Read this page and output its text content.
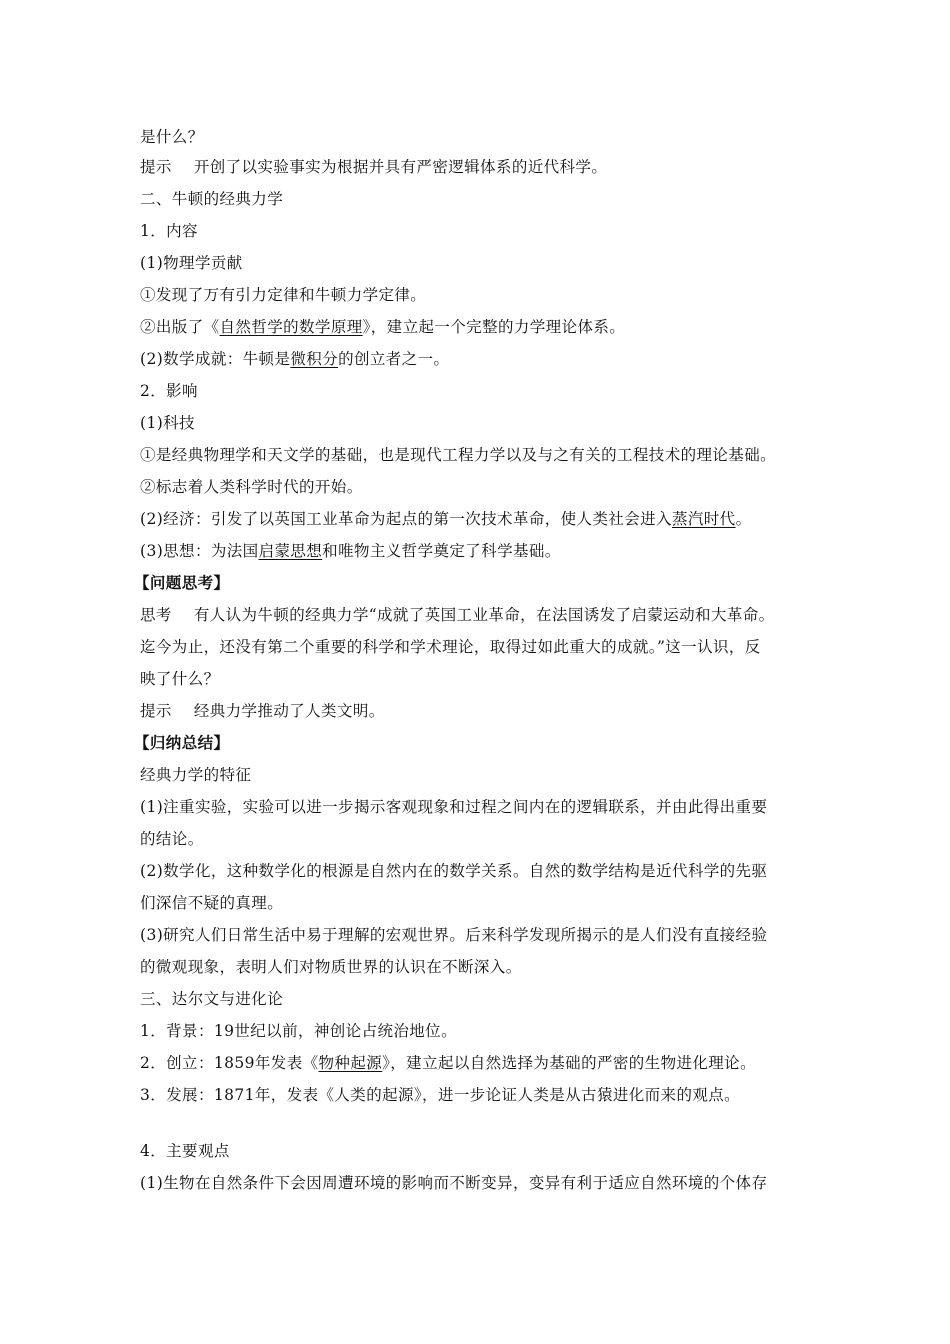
是什么？
提示 开创了以实验事实为根据并具有严密逻辑体系的近代科学。
二、牛顿的经典力学
1．内容
(1)物理学贡献
①发现了万有引力定律和牛顿力学定律。
②出版了《自然哲学的数学原理》，建立起一个完整的力学理论体系。
(2)数学成就：牛顿是微积分的创立者之一。
2．影响
(1)科技
①是经典物理学和天文学的基础，也是现代工程力学以及与之有关的工程技术的理论基础。
②标志着人类科学时代的开始。
(2)经济：引发了以英国工业革命为起点的第一次技术革命，使人类社会进入蒸汽时代。
(3)思想：为法国启蒙思想和唯物主义哲学奠定了科学基础。
【问题思考】
思考 有人认为牛顿的经典力学“成就了英国工业革命，在法国诱发了启蒙运动和大革命。
迄今为止，还没有第二个重要的科学和学术理论，取得过如此重大的成就。”这一认识，反
映了什么？
提示 经典力学推动了人类文明。
【归纳总结】
经典力学的特征
(1)注重实验，实验可以进一步揭示客观现象和过程之间内在的逻辑联系，并由此得出重要
的结论。
(2)数学化，这种数学化的根源是自然内在的数学关系。自然的数学结构是近代科学的先驱
们深信不疑的真理。
(3)研究人们日常生活中易于理解的宏观世界。后来科学发现所揭示的是人们没有直接经验
的微观现象，表明人们对物质世界的认识在不断深入。
三、达尔文与进化论
1．背景：19世纪以前，神创论占统治地位。
2．创立：1859年发表《物种起源》，建立起以自然选择为基础的严密的生物进化理论。
3．发展：1871年，发表《人类的起源》，进一步论证人类是从古猿进化而来的观点。
4．主要观点
(1)生物在自然条件下会因周遭环境的影响而不断变异，变异有利于适应自然环境的个体存
